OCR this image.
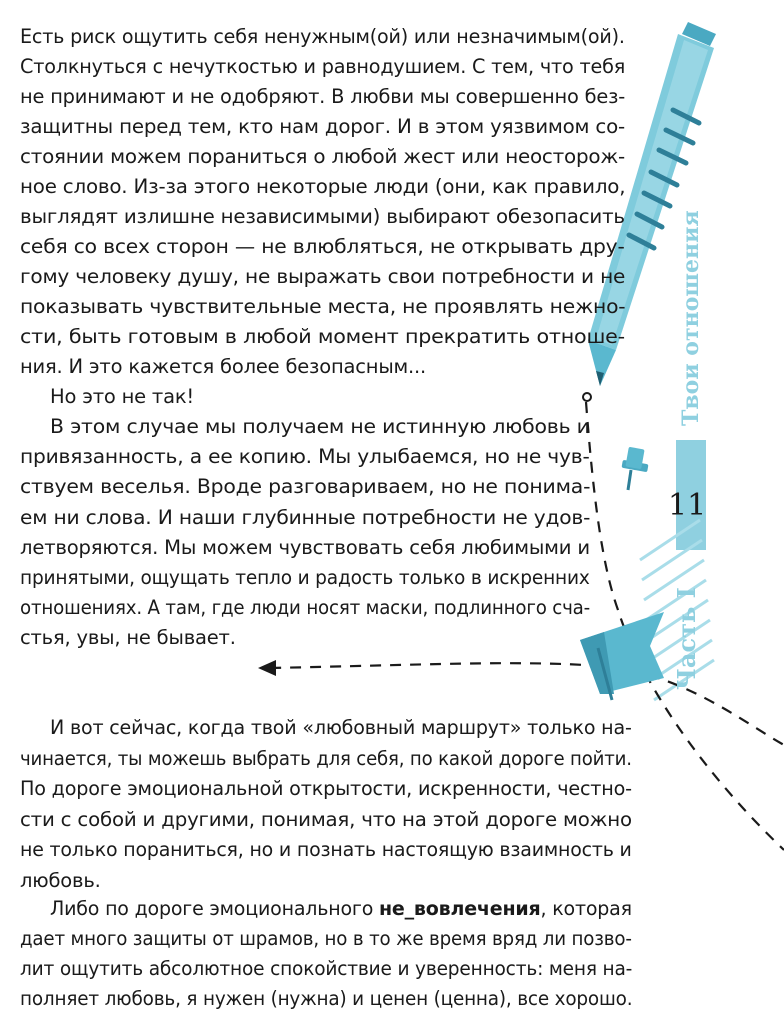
Твои отношения
Часть I
11
Есть риск ощутить себя ненужным(ой) или незначимым(ой).
Столкнуться с нечуткостью и равнодушием. С тем, что тебя
не принимают и не одобряют. В любви мы совершенно без-
защитны перед тем, кто нам дорог. И в этом уязвимом со-
стоянии можем пораниться о любой жест или неосторож-
ное слово. Из-за этого некоторые люди (они, как правило,
выглядят излишне независимыми) выбирают обезопасить
себя со всех сторон — не влюбляться, не открывать дру-
гому человеку душу, не выражать свои потребности и не
показывать чувствительные места, не проявлять нежно-
сти, быть готовым в любой момент прекратить отноше-
ния. И это кажется более безопасным...
Но это не так!
В этом случае мы получаем не истинную любовь и
привязанность, а ее копию. Мы улыбаемся, но не чув-
ствуем веселья. Вроде разговариваем, но не понима-
ем ни слова. И наши глубинные потребности не удов-
летворяются. Мы можем чувствовать себя любимыми и
принятыми, ощущать тепло и радость только в искренних
отношениях. А там, где люди носят маски, подлинного сча-
стья, увы, не бывает.
И вот сейчас, когда твой «любовный маршрут» только на-
чинается, ты можешь выбрать для себя, по какой дороге пойти.
По дороге эмоциональной открытости, искренности, честно-
сти с собой и другими, понимая, что на этой дороге можно
не только пораниться, но и познать настоящую взаимность и
любовь.
Либо по дороге эмоционального не_вовлечения, которая
дает много защиты от шрамов, но в то же время вряд ли позво-
лит ощутить абсолютное спокойствие и уверенность: меня на-
полняет любовь, я нужен (нужна) и ценен (ценна), все хорошо.
